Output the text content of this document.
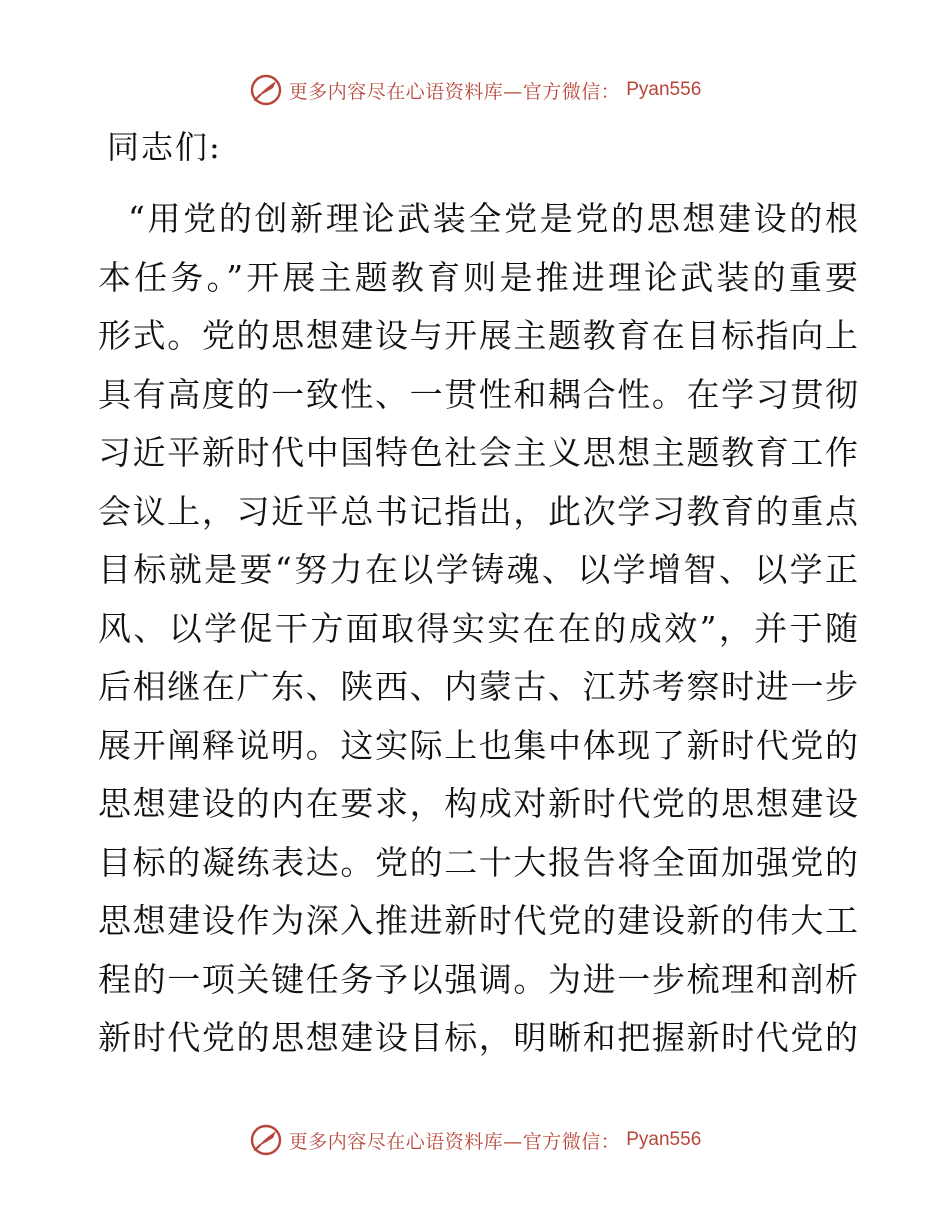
更多内容尽在心语资料库—官方微信： Pyan556
同志们:
“用党的创新理论武装全党是党的思想建设的根
本任务。”开展主题教育则是推进理论武装的重要
形式。党的思想建设与开展主题教育在目标指向上
具有高度的一致性、一贯性和耦合性。在学习贯彻
习近平新时代中国特色社会主义思想主题教育工作
会议上，习近平总书记指出，此次学习教育的重点
目标就是要“努力在以学铸魂、以学增智、以学正
风、以学促干方面取得实实在在的成效”，并于随
后相继在广东、陕西、内蒙古、江苏考察时进一步
展开阐释说明。这实际上也集中体现了新时代党的
思想建设的内在要求，构成对新时代党的思想建设
目标的凝练表达。党的二十大报告将全面加强党的
思想建设作为深入推进新时代党的建设新的伟大工
程的一项关键任务予以强调。为进一步梳理和剖析
新时代党的思想建设目标，明晰和把握新时代党的
更多内容尽在心语资料库—官方微信： Pyan556
